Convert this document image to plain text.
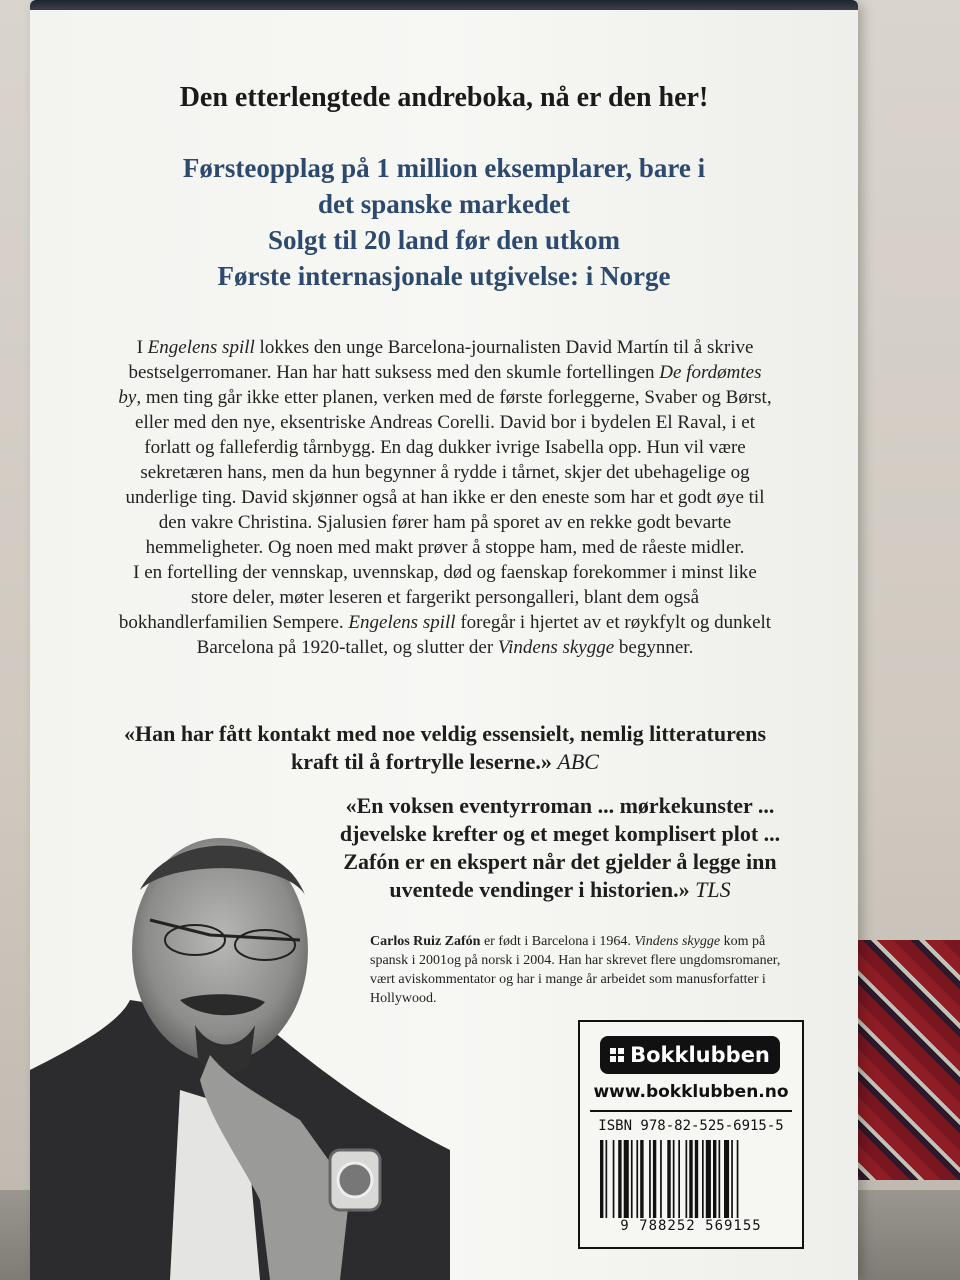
Den etterlengtede andreboka, nå er den her!
Førsteopplag på 1 million eksemplarer, bare i
det spanske markedet
Solgt til 20 land før den utkom
Første internasjonale utgivelse: i Norge

I Engelens spill lokkes den unge Barcelona-journalisten David Martín til å skrive bestselgerromaner. Han har hatt suksess med den skumle fortellingen De fordømtes by, men ting går ikke etter planen, verken med de første forleggerne, Svaber og Børst, eller med den nye, eksentriske Andreas Corelli. David bor i bydelen El Raval, i et forlatt og falleferdig tårnbygg. En dag dukker ivrige Isabella opp. Hun vil være sekretæren hans, men da hun begynner å rydde i tårnet, skjer det ubehagelige og underlige ting. David skjønner også at han ikke er den eneste som har et godt øye til den vakre Christina. Sjalusien fører ham på sporet av en rekke godt bevarte hemmeligheter. Og noen med makt prøver å stoppe ham, med de råeste midler.

I en fortelling der vennskap, uvennskap, død og faenskap forekommer i minst like store deler, møter leseren et fargerikt persongalleri, blant dem også bokhandlerfamilien Sempere. Engelens spill foregår i hjertet av et røykfylt og dunkelt Barcelona på 1920-tallet, og slutter der Vindens skygge begynner.

«Han har fått kontakt med noe veldig essensielt, nemlig litteraturens kraft til å fortrylle leserne.» ABC
«En voksen eventyrroman ... mørkekunster ... djevelske krefter og et meget komplisert plot ... Zafón er en ekspert når det gjelder å legge inn uventede vendinger i historien.» TLS
Carlos Ruiz Zafón er født i Barcelona i 1964. Vindens skygge kom på spansk i 2001og på norsk i 2004. Han har skrevet flere ungdomsromaner, vært aviskommentator og har i mange år arbeidet som manusforfatter i Hollywood.
Bokklubben
www.bokklubben.no
ISBN 978-82-525-6915-5
9 788252 569155
